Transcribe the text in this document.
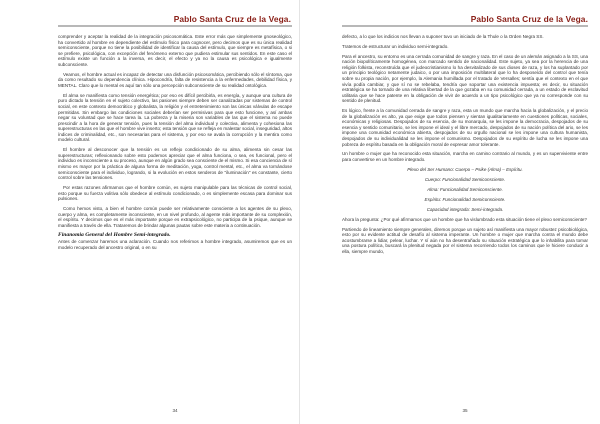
Pablo Santa Cruz de la Vega.

comprender y aceptar la realidad de la integración psicosomática. Este error más que simplemente gnoseológico, ha convertido al hombre en dependiente del estímulo físico para cognocer, pero decimos que es su única realidad semiconsciente, porque no tiene la posibilidad de identificar la causa del estímulo, que siempre es metafísica, o si se prefiere, psicológica, con excepción del fenómeno externo que pudiera estimular sus sentidos. En este caso el estímulo existe un función a la inversa, es decir, el efecto y ya no la causa es psicológica e igualmente subconsciente.

Veamos, el hombre actual es incapaz de detectar una disfunción psicosomática, percibiendo sólo el síntoma, que da como resultado su dependencia clínica. Hipocondría, falta de resistencia a la enfermedades, debilidad física, y MENTAL. Claro que lo mental es aquí tan sólo una percepción subconsciente de su realidad ontológica.

El alma se manifiesta como tensión energética; por eso es difícil percibirla, es energía, y aunque una cultura de puro dictado la tensión en el sujeto colectivo, las pasiones siempre deben ser canalizadas por sistemas de control social, en este contexto democrático y globalista, la religión y el entretenimiento son las únicas válvulas de escape permitidas. Sin embargo las condiciones sociales deberían ser permisivas para que esto funcione, y así ambas negar su voluntad que se hace tarea la. La pobreza y la miseria son variables de las que el sistema no puede prescindir a la hora de generar tensión, pues la tensión del alma individual y colectiva, alimenta y cohesiona las superestructuras en las que el hombre vive inserto; esta tensión que se refleja en malestar social, inseguridad, altos índices de criminalidad, etc., son necesarias para el sistema, y por eso se avala la corrupción y la mentira como modelo cultural.

El hombre al desconocer que la tensión es un reflejo condicionado de su alma, alimenta sin cesar las superestructuras; reflexionando sobre esto podemos apreciar que el alma funciona, o sea, es funcional, pero el individuo es inconsciente a su proceso, aunque en algún grado sea consciente de el mismo. Si esa conciencia de sí mismo es mayor por la práctica de alguna forma de meditación, yoga, control mental, etc., el alma va tornándose semiconsciente para el individuo, logrando, si la evolución en estos senderos de "iluminación" es constante, cierto control sobre las tensiones.

Por estas razones afirmamos que el hombre común, es sujeto manipulable para las técnicas de control social, esto porque su fuerza volitiva sólo obedece al estímulo condicionado, o es simplemente escasa para dominar sus pulsiones.

Como hemos visto, a bien el hombre común puede ser relativamente consciente a los agentes de su plexo, cuerpo y alma, es completamente inconsciente, en un nivel profundo, al agente más importante de su complexión, el espíritu. Y decimos que es el más importante porque es extrapsicológico, no participa de la psique, aunque se manifiesta a través de ella. Trataremos de brindar algunas pautas sobre este materia a continuación.

Finanomia General del Hombre Semi-integrado.

Antes de comenzar haremos una aclaración. Cuando nos referimos a hombre integrado, asumiremos que es un modelo recuperado del ancestro original, o en su

34
Pablo Santa Cruz de la Vega.

defecto, a lo que los indicios nos llevan a suponer tuvo un iniciado de la Thule o la Orden Negra SS.

Tratemos de estructurar un individuo semi-integrado.

Para el ancestro, su entorno es una cerrada comunidad de sangre y raza. En el caso de un alemán asignado a la SS, una nación biopolíticamente homogénea, con marcado sentido de nacionalidad. Este sujeto, ya sea por la herencia de una religión folkista, reconstruída que el judeocristianismo lo ha desvitalizado de sus dioses de raza, y los ha suplantado por un principio teológico netamente judaico, o por una imposición multilateral que lo ha desposeído del control que tenía sobre su propia nación, por ejemplo, la Alemania humillada por el tratado de Versalles; sentía que el contexto en el que vivía podía cambiar, y que sí no se rebelaba, tendría que soportar una existencia impuesta; es decir, su situación estratégica se ha tornado de una relativa libertad de la que gozaba en su comunidad cerrada, a un estado de esclavitud utilitaria que se hace patente en la obligación de vivir de acuerdo a un tipo psicológico que ya no corresponde con su sentido de plenitud.

Es lógico, frente a la comunidad cerrada de sangre y raza, esta un mundo que marcha hacia la globalización, y el precio de la globalización es alto, ya que exige que todos piensen y sientan igualitariamente en cuestiones políticas, sociales, económicas y religiosas. Despojados de su esencia, de su monarquía, se les impone la democracia, despojados de su esencia y sentido comunitario, se les impone el ideal y el libre mercado, despojados de su nación política del ario, se les impone una comunidad económica abierta, despojados de su orgullo nacional se les impone una cultura humanista, despojados de su individualidad se les impone el comunismo. Despojados de su espíritu de lucha se les impone una pobreza de espíritu basada en la obligación moral de expresar amor tolerante.

Un hombre o mujer que ha reconocido esta situación, marcha en camino contrario al mundo, y es un superviviente entre para convertirse en un hombre integrado.

Plexo del Ser Humano: Cuerpo – Psike (Alma) – Espíritu.
Cuerpo: Funcionalidad Semiconsciente.
Alma: Funcionalidad Semiconsciente.
Espíritu: Funcionalidad Semiconsciente.
Capacidad integrada: Semi-integrada.

Ahora la pregunta: ¿Por qué afirmamos que un hombre que ha vislumbrado esta situación tiene el plexo semiconsciente?

Partiendo de lineamiento siempre generales, diremos porque un sujeto así manifiesta una mayor robustez psicobiológica, esto por su evidente actitud de desafío al sistema imperante. Un hombre o mujer que marcha contra el mundo debe acostumbrarse a lidiar, pelear, luchar. Y sí aún no ha desentrañado su situación estratégica que lo inhabilita para tomar una postura política, buscará la plenitud negada por el sistema recorriendo todos los caminos que le hiciere conducir a ella, siempre mundo,

35
